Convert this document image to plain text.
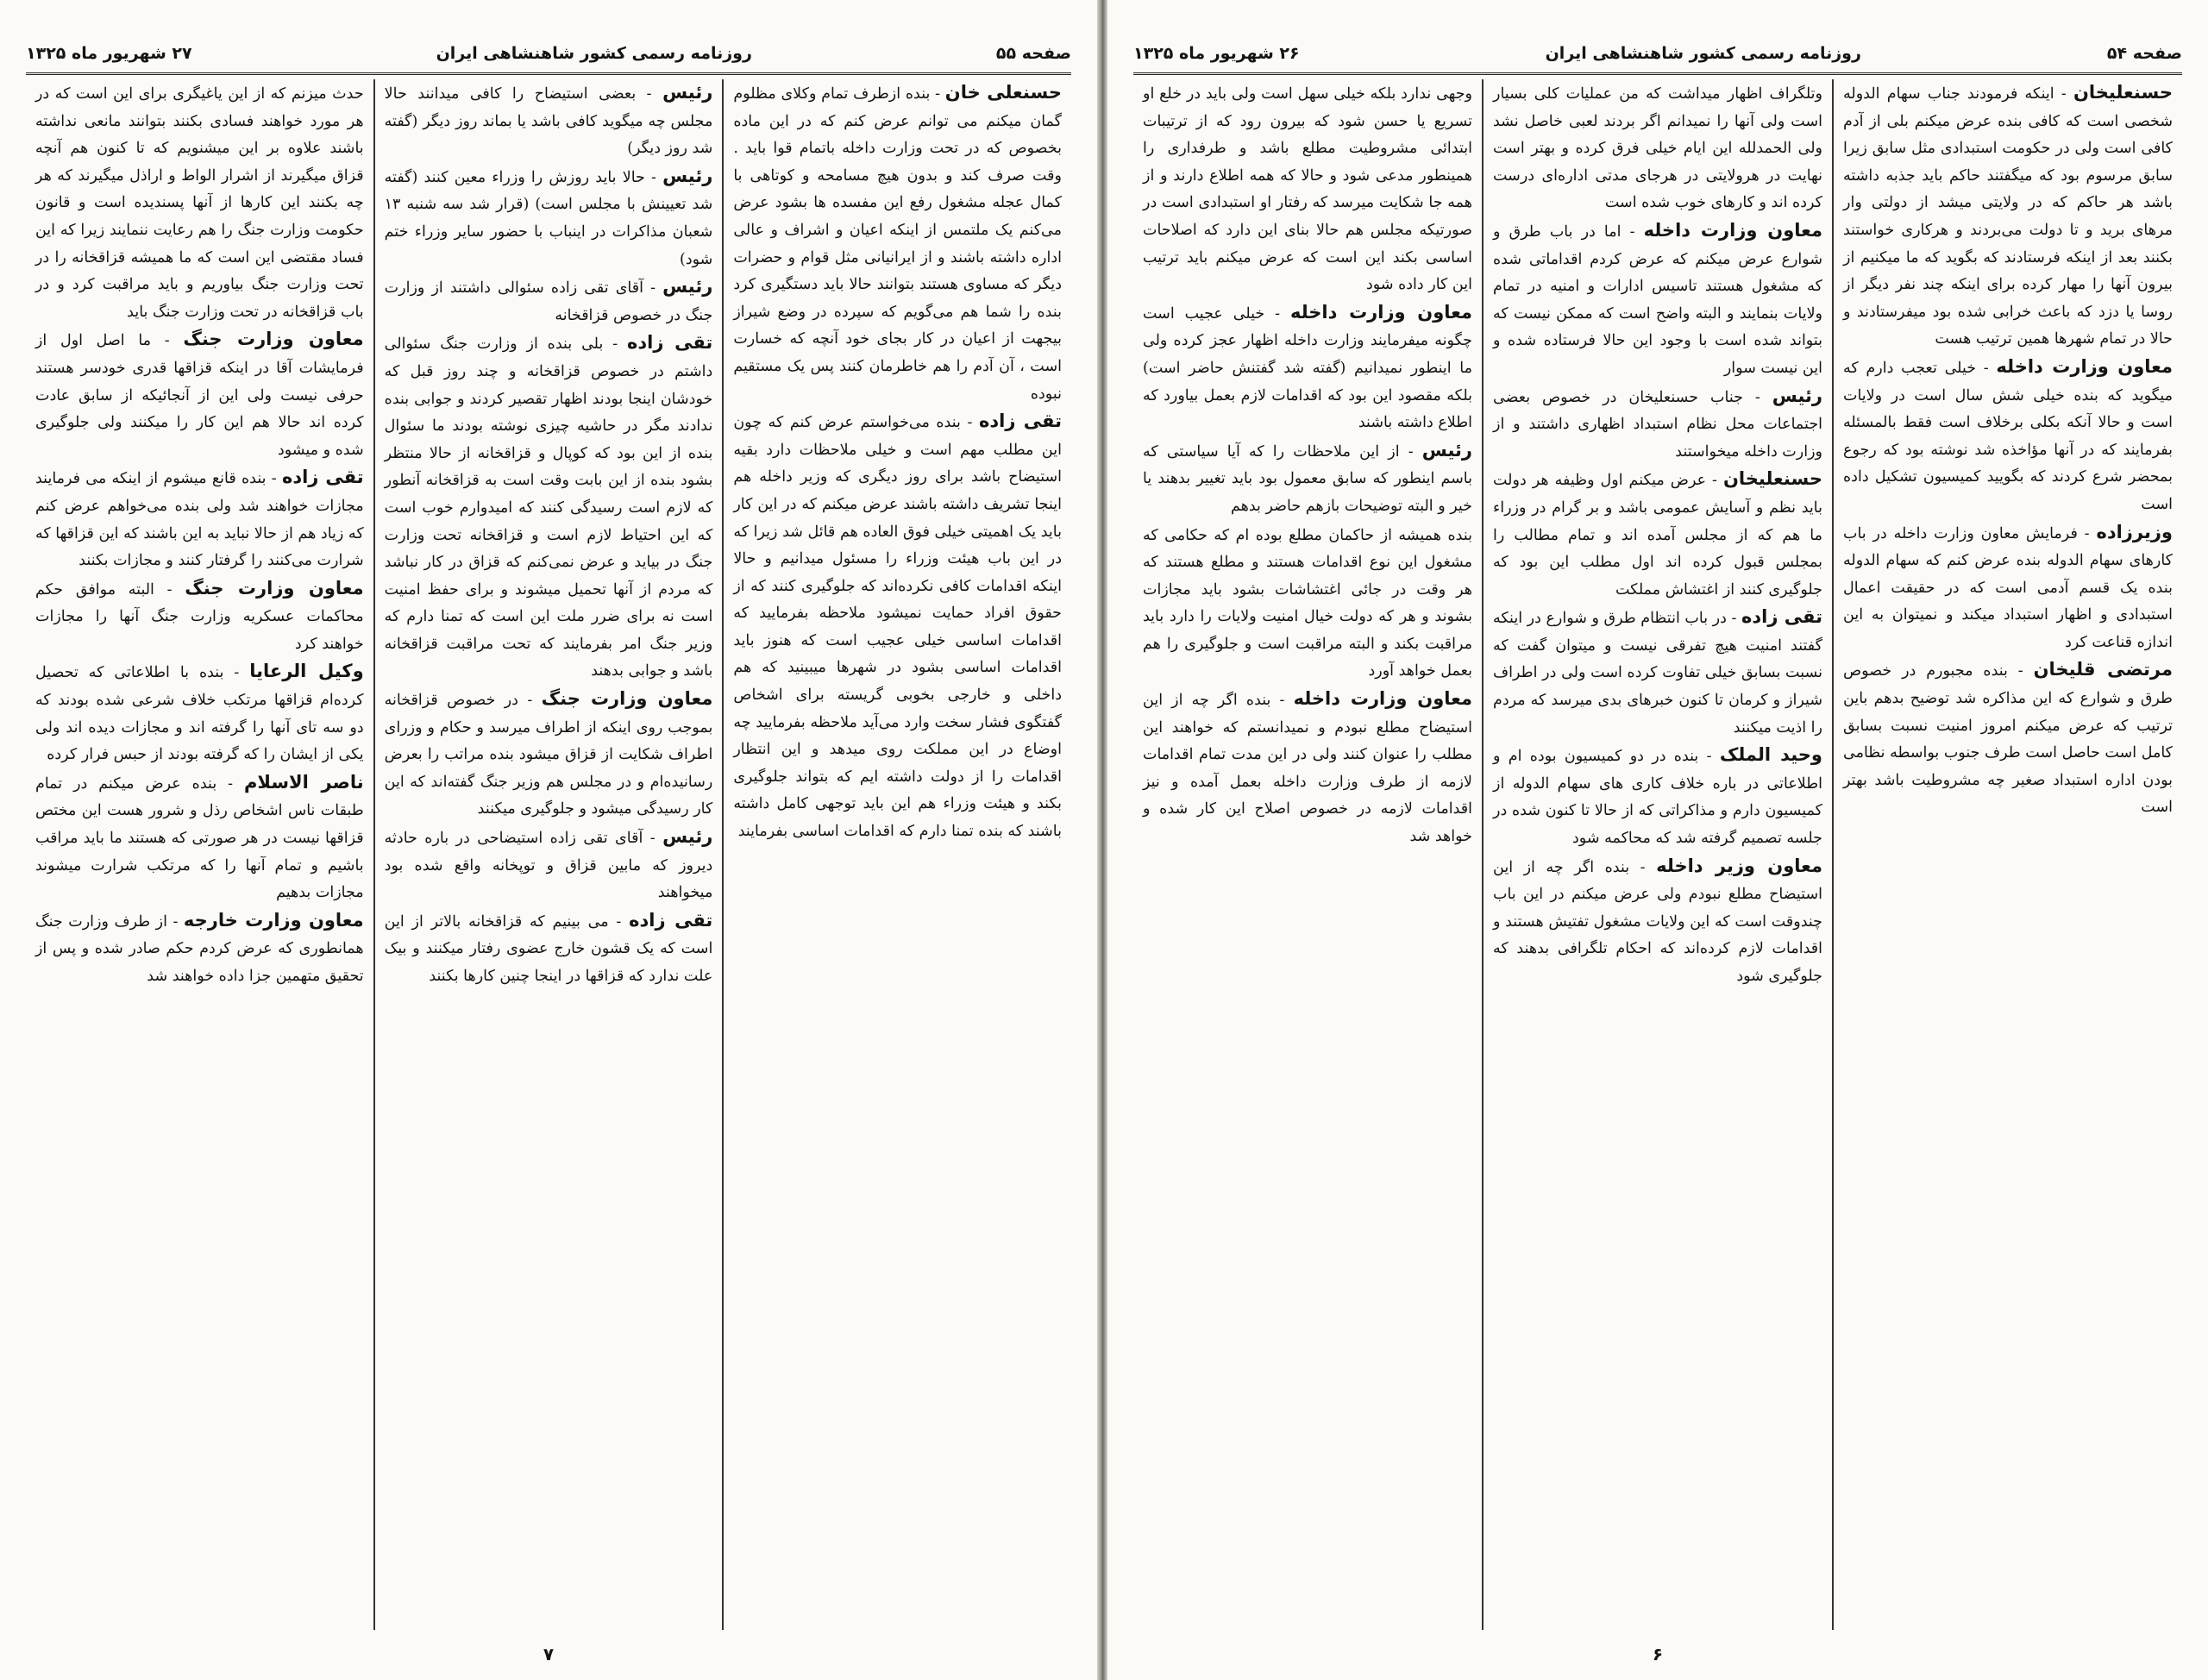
صفحه ۵۵
روزنامه رسمی کشور شاهنشاهی ایران
۲۷ شهریور ماه ۱۳۲۵

حسنعلی خان - بنده ازطرف تمام وکلای مظلوم گمان میکنم می توانم عرض کنم که در این ماده بخصوص که در تحت وزارت داخله باتمام قوا باید . وقت صرف کند و بدون هیچ مسامحه و کوتاهی با کمال عجله مشغول رفع این مفسده ها بشود عرض می‌کنم یک ملتمس از اینکه اعیان و اشراف و عالی اداره داشته باشند و از ایرانیانی مثل قوام و حضرات دیگر که مساوی هستند بتوانند حالا باید دستگیری کرد بنده را شما هم می‌گویم که سپرده در وضع شیراز بیجهت از اعیان در کار بجای خود آنچه که خسارت است ، آن آدم را هم خاطرمان کنند پس یک مستقیم نبوده

تقی زاده - بنده می‌خواستم عرض کنم که چون این مطلب مهم است و خیلی ملاحظات دارد بقیه استیضاح باشد برای روز دیگری که وزیر داخله هم اینجا تشریف داشته باشند عرض میکنم که در این کار باید یک اهمیتی خیلی فوق العاده هم قائل شد زیرا که در این باب هیئت وزراء را مسئول میدانیم و حالا اینکه اقدامات کافی نکرده‌اند که جلوگیری کنند که از حقوق افراد حمایت نمیشود ملاحظه بفرمایید که اقدامات اساسی خیلی عجیب است که هنوز باید اقدامات اساسی بشود در شهرها میبینید که هم داخلی و خارجی بخوبی گریسته برای اشخاص گفتگوی فشار سخت وارد می‌آید ملاحظه بفرمایید چه اوضاع در این مملکت روی میدهد و این انتظار اقدامات را از دولت داشته ایم که بتواند جلوگیری بکند و هیئت وزراء هم این باید توجهی کامل داشته باشند که بنده تمنا دارم که اقدامات اساسی بفرمایند

رئیس - بعضی استیضاح را کافی میدانند حالا مجلس چه میگوید کافی باشد یا بماند روز دیگر (گفته شد روز دیگر)

رئیس - حالا باید روزش را وزراء معین کنند (گفته شد تعیینش با مجلس است) (قرار شد سه شنبه ۱۳ شعبان مذاکرات در اینباب با حضور سایر وزراء ختم شود)

رئیس - آقای تقی زاده سئوالی داشتند از وزارت جنگ در خصوص قزاقخانه

تقی زاده - بلی بنده از وزارت جنگ سئوالی داشتم در خصوص قزاقخانه و چند روز قبل که خودشان اینجا بودند اظهار تقصیر کردند و جوابی بنده ندادند مگر در حاشیه چیزی نوشته بودند ما سئوال بنده از این بود که کوپال و قزاقخانه از حالا منتظر بشود بنده از این بابت وقت است به قزاقخانه آنطور که لازم است رسیدگی کنند که امیدوارم خوب است که این احتیاط لازم است و قزاقخانه تحت وزارت جنگ در بیاید و عرض نمی‌کنم که قزاق در کار نباشد که مردم از آنها تحمیل میشوند و برای حفظ امنیت است نه برای ضرر ملت این است که تمنا دارم که وزیر جنگ امر بفرمایند که تحت مراقبت قزاقخانه باشد و جوابی بدهند

معاون وزارت جنگ - در خصوص قزاقخانه بموجب روی اینکه از اطراف میرسد و حکام و وزرای اطراف شکایت از قزاق میشود بنده مراتب را بعرض رسانیده‌ام و در مجلس هم وزیر جنگ گفته‌اند که این کار رسیدگی میشود و جلوگیری میکنند

رئیس - آقای تقی زاده استیضاحی در باره حادثه دیروز که مابین قزاق و توپخانه واقع شده بود میخواهند

تقی زاده - می بینیم که قزاقخانه بالاتر از این است که یک قشون خارج عضوی رفتار میکنند و بیک علت ندارد که قزاقها در اینجا چنین کارها بکنند

حدث میزنم که از این یاغیگری برای این است که در هر مورد خواهند فسادی بکنند بتوانند مانعی نداشته باشند علاوه بر این میشنویم که تا کنون هم آنچه قزاق میگیرند از اشرار الواط و اراذل میگیرند که هر چه بکنند این کارها از آنها پسندیده است و قانون حکومت وزارت جنگ را هم رعایت ننمایند زیرا که این فساد مقتضی این است که ما همیشه قزاقخانه را در تحت وزارت جنگ بیاوریم و باید مراقبت کرد و در باب قزاقخانه در تحت وزارت جنگ باید

معاون وزارت جنگ - ما اصل اول از فرمایشات آقا در اینکه قزاقها قدری خودسر هستند حرفی نیست ولی این از آنجائیکه از سابق عادت کرده اند حالا هم این کار را میکنند ولی جلوگیری شده و میشود

تقی زاده - بنده قانع میشوم از اینکه می فرمایند مجازات خواهند شد ولی بنده می‌خواهم عرض کنم که زیاد هم از حالا نباید به این باشند که این قزاقها که شرارت می‌کنند را گرفتار کنند و مجازات بکنند

معاون وزارت جنگ - البته موافق حکم محاکمات عسکریه وزارت جنگ آنها را مجازات خواهند کرد

وکیل الرعایا - بنده با اطلاعاتی که تحصیل کرده‌ام قزاقها مرتکب خلاف شرعی شده بودند که دو سه تای آنها را گرفته اند و مجازات دیده اند ولی یکی از ایشان را که گرفته بودند از حبس فرار کرده

ناصر الاسلام - بنده عرض میکنم در تمام طبقات ناس اشخاص رذل و شرور هست این مختص قزاقها نیست در هر صورتی که هستند ما باید مراقب باشیم و تمام آنها را که مرتکب شرارت میشوند مجازات بدهیم

معاون وزارت خارجه - از طرف وزارت جنگ همانطوری که عرض کردم حکم صادر شده و پس از تحقیق متهمین جزا داده خواهند شد

۷
صفحه ۵۴
روزنامه رسمی کشور شاهنشاهی ایران
۲۶ شهریور ماه ۱۳۲۵

حسنعلیخان - اینکه فرمودند جناب سهام الدوله شخصی است که کافی بنده عرض میکنم بلی از آدم کافی است ولی در حکومت استبدادی مثل سابق زیرا سابق مرسوم بود که میگفتند حاکم باید جذبه داشته باشد هر حاکم که در ولایتی میشد از دولتی وار مرهای برید و تا دولت می‌بردند و هرکاری خواستند بکنند بعد از اینکه فرستادند که بگوید که ما میکنیم از بیرون آنها را مهار کرده برای اینکه چند نفر دیگر از روسا یا دزد که باعث خرابی شده بود میفرستادند و حالا در تمام شهرها همین ترتیب هست

معاون وزارت داخله - خیلی تعجب دارم که میگوید که بنده خیلی شش سال است در ولایات است و حالا آنکه بکلی برخلاف است فقط بالمسئله بفرمایند که در آنها مؤاخذه شد نوشته بود که رجوع بمحضر شرع کردند که بگویید کمیسیون تشکیل داده است

وزیرزاده - فرمایش معاون وزارت داخله در باب کارهای سهام الدوله بنده عرض کنم که سهام الدوله بنده یک قسم آدمی است که در حقیقت اعمال استبدادی و اظهار استبداد میکند و نمیتوان به این اندازه قناعت کرد

مرتضی قلیخان - بنده مجبورم در خصوص طرق و شوارع که این مذاکره شد توضیح بدهم باین ترتیب که عرض میکنم امروز امنیت نسبت بسابق کامل است حاصل است طرف جنوب بواسطه نظامی بودن اداره استبداد صغیر چه مشروطیت باشد بهتر است

وتلگراف اظهار میداشت که من عملیات کلی بسیار است ولی آنها را نمیدانم اگر بردند لعبی خاصل نشد ولی الحمدلله این ایام خیلی فرق کرده و بهتر است نهایت در هرولایتی در هرجای مدتی اداره‌ای درست کرده اند و کارهای خوب شده است

معاون وزارت داخله - اما در باب طرق و شوارع عرض میکنم که عرض کردم اقداماتی شده که مشغول هستند تاسیس ادارات و امنیه در تمام ولایات بنمایند و البته واضح است که ممکن نیست که بتواند شده است با وجود این حالا فرستاده شده و این نیست سوار

رئیس - جناب حسنعلیخان در خصوص بعضی اجتماعات محل نظام استبداد اظهاری داشتند و از وزارت داخله میخواستند

حسنعلیخان - عرض میکنم اول وظیفه هر دولت باید نظم و آسایش عمومی باشد و بر گرام در وزراء ما هم که از مجلس آمده اند و تمام مطالب را بمجلس قبول کرده اند اول مطلب این بود که جلوگیری کنند از اغتشاش مملکت

تقی زاده - در باب انتظام طرق و شوارع در اینکه گفتند امنیت هیچ تفرقی نیست و میتوان گفت که نسبت بسابق خیلی تفاوت کرده است ولی در اطراف شیراز و کرمان تا کنون خبرهای بدی میرسد که مردم را اذیت میکنند

وحید الملک - بنده در دو کمیسیون بوده ام و اطلاعاتی در باره خلاف کاری های سهام الدوله از کمیسیون دارم و مذاکراتی که از حالا تا کنون شده در جلسه تصمیم گرفته شد که محاکمه شود

معاون وزیر داخله - بنده اگر چه از این استیضاح مطلع نبودم ولی عرض میکنم در این باب چندوقت است که این ولایات مشغول تفتیش هستند و اقدامات لازم کرده‌اند که احکام تلگرافی بدهند که جلوگیری شود

وجهی ندارد بلکه خیلی سهل است ولی باید در خلع او تسریع یا حسن شود که بیرون رود که از ترتیبات ابتدائی مشروطیت مطلع باشد و طرفداری را همینطور مدعی شود و حالا که همه اطلاع دارند و از همه جا شکایت میرسد که رفتار او استبدادی است در صورتیکه مجلس هم حالا بنای این دارد که اصلاحات اساسی بکند این است که عرض میکنم باید ترتیب این کار داده شود

معاون وزارت داخله - خیلی عجیب است چگونه میفرمایند وزارت داخله اظهار عجز کرده ولی ما اینطور نمیدانیم (گفته شد گفتنش حاضر است) بلکه مقصود این بود که اقدامات لازم بعمل بیاورد که اطلاع داشته باشند

رئیس - از این ملاحظات را که آیا سیاستی که باسم اینطور که سابق معمول بود باید تغییر بدهند یا خیر و البته توضیحات بازهم حاضر بدهم

بنده همیشه از حاکمان مطلع بوده ام که حکامی که مشغول این نوع اقدامات هستند و مطلع هستند که هر وقت در جائی اغتشاشات بشود باید مجازات بشوند و هر که دولت خیال امنیت ولایات را دارد باید مراقبت بکند و البته مراقبت است و جلوگیری را هم بعمل خواهد آورد

معاون وزارت داخله - بنده اگر چه از این استیضاح مطلع نبودم و نمیدانستم که خواهند این مطلب را عنوان کنند ولی در این مدت تمام اقدامات لازمه از طرف وزارت داخله بعمل آمده و نیز اقدامات لازمه در خصوص اصلاح این کار شده و خواهد شد

۶
